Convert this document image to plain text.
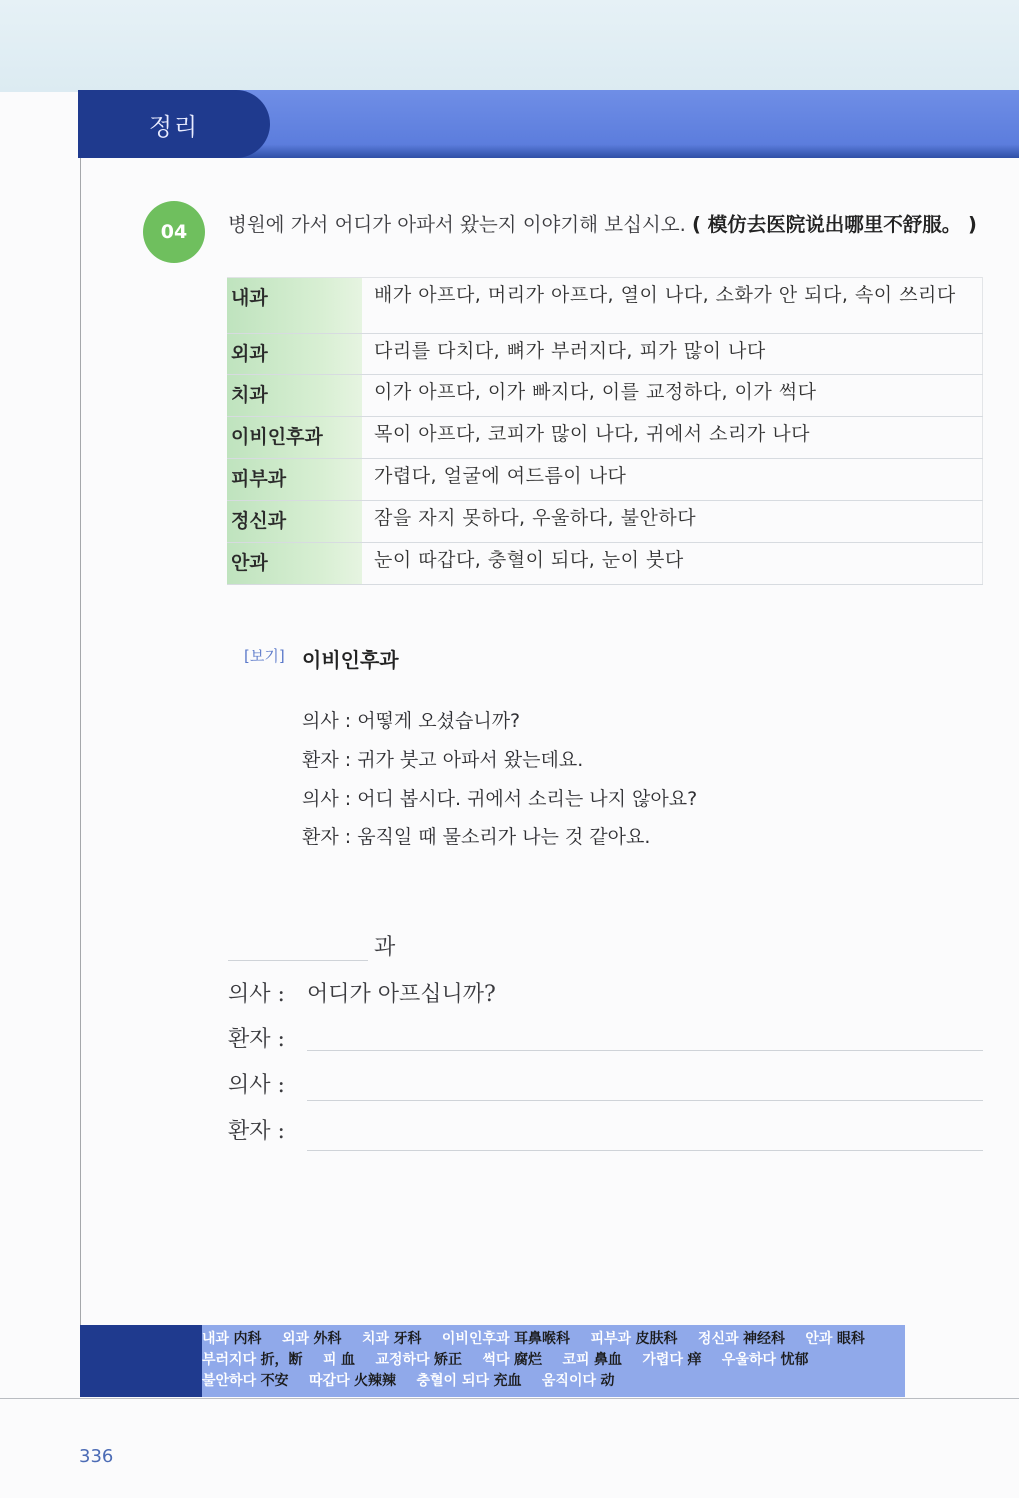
정리
04	병원에 가서 어디가 아파서 왔는지 이야기해 보십시오. ( 模仿去医院说出哪里不舒服。 )
내과	배가 아프다, 머리가 아프다, 열이 나다, 소화가 안 되다, 속이 쓰리다
외과	다리를 다치다, 뼈가 부러지다, 피가 많이 나다
치과	이가 아프다, 이가 빠지다, 이를 교정하다, 이가 썩다
이비인후과	목이 아프다, 코피가 많이 나다, 귀에서 소리가 나다
피부과	가렵다, 얼굴에 여드름이 나다
정신과	잠을 자지 못하다, 우울하다, 불안하다
안과	눈이 따갑다, 충혈이 되다, 눈이 붓다
[보기] 이비인후과
의사 : 어떻게 오셨습니까?
환자 : 귀가 붓고 아파서 왔는데요.
의사 : 어디 봅시다. 귀에서 소리는 나지 않아요?
환자 : 움직일 때 물소리가 나는 것 같아요.
과
의사 : 어디가 아프십니까?
환자 :
의사 :
환자 :
내과 内科 외과 外科 치과 牙科 이비인후과 耳鼻喉科 피부과 皮肤科 정신과 神经科 안과 眼科
부러지다 折，断 피 血 교정하다 矫正 썩다 腐烂 코피 鼻血 가렵다 痒 우울하다 忧郁
불안하다 不安 따갑다 火辣辣 충혈이 되다 充血 움직이다 动
336
